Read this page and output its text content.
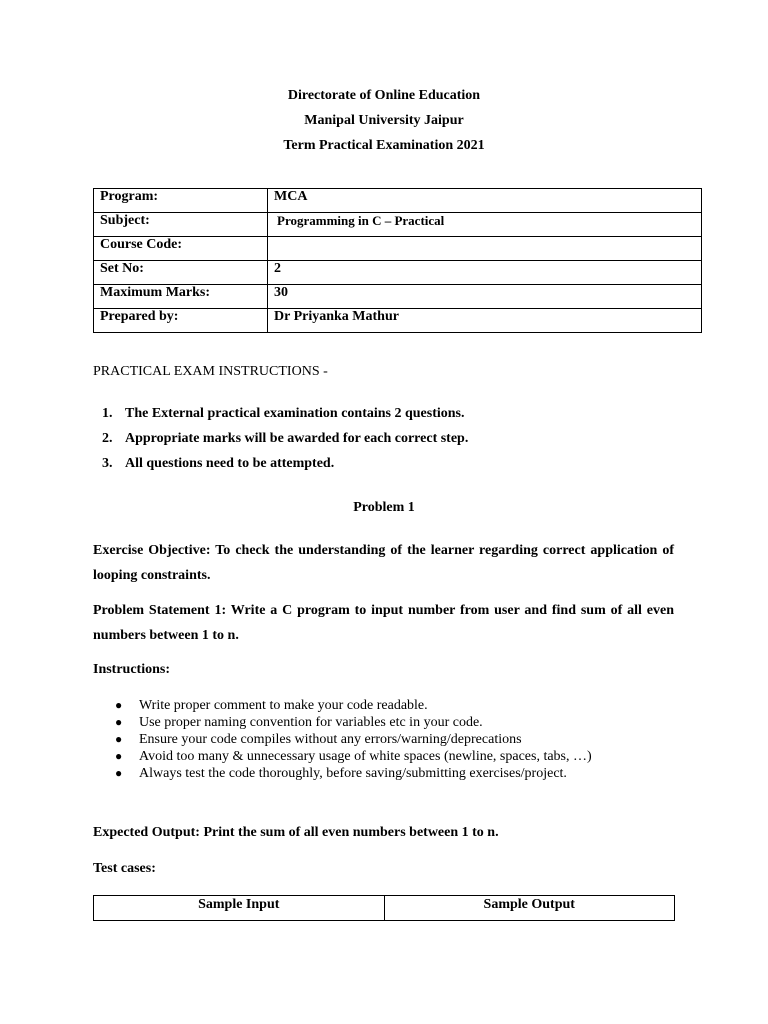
Directorate of Online Education
Manipal University Jaipur
Term Practical Examination 2021
Program:	MCA
Subject:	Programming in C – Practical
Course Code:	
Set No:	2
Maximum Marks:	30
Prepared by:	Dr Priyanka Mathur
PRACTICAL EXAM INSTRUCTIONS -
1. The External practical examination contains 2 questions.
2. Appropriate marks will be awarded for each correct step.
3. All questions need to be attempted.
Problem 1
Exercise Objective: To check the understanding of the learner regarding correct application of looping constraints.
Problem Statement 1: Write a C program to input number from user and find sum of all even numbers between 1 to n.
Instructions:
●	Write proper comment to make your code readable.
●	Use proper naming convention for variables etc in your code.
●	Ensure your code compiles without any errors/warning/deprecations
●	Avoid too many & unnecessary usage of white spaces (newline, spaces, tabs, …)
●	Always test the code thoroughly, before saving/submitting exercises/project.
Expected Output: Print the sum of all even numbers between 1 to n.
Test cases:
Sample Input	Sample Output
